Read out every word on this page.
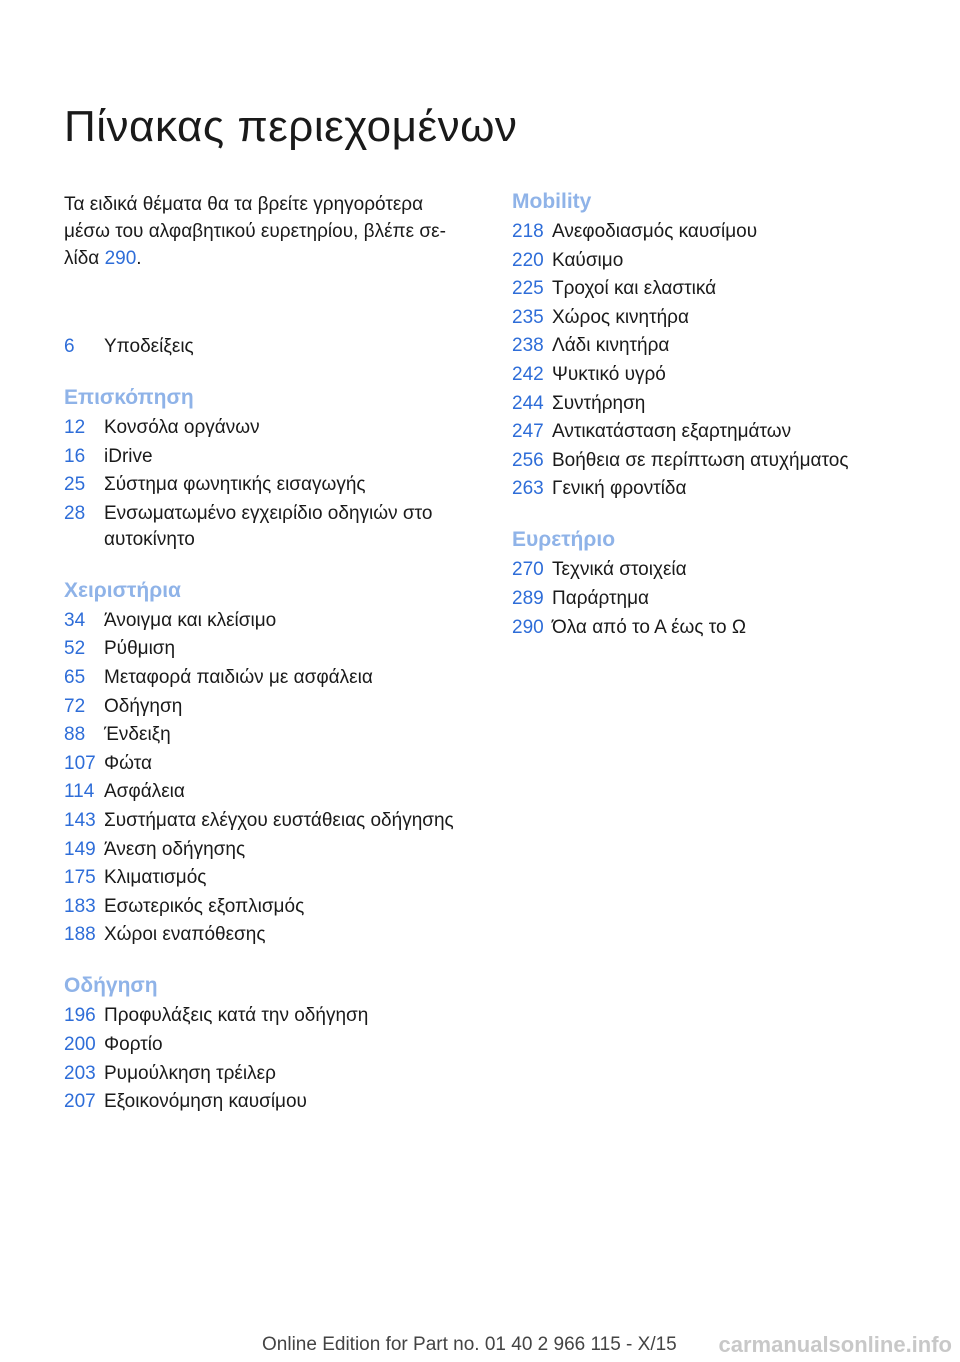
Πίνακας περιεχομένων

Τα ειδικά θέματα θα τα βρείτε γρηγορότερα μέσω του αλφαβητικού ευρετηρίου, βλέπε σε- λίδα 290.

6	Υποδείξεις
Επισκόπηση
12 Κονσόλα οργάνων
16 iDrive
25 Σύστημα φωνητικής εισαγωγής
28 Ενσωματωμένο εγχειρίδιο οδηγιών στο αυτοκίνητο
Χειριστήρια
34 Άνοιγμα και κλείσιμο
52 Ρύθμιση
65 Μεταφορά παιδιών με ασφάλεια
72 Οδήγηση
88 Ένδειξη
107 Φώτα
114 Ασφάλεια
143 Συστήματα ελέγχου ευστάθειας οδήγησης
149 Άνεση οδήγησης
175 Κλιματισμός
183 Εσωτερικός εξοπλισμός
188 Χώροι εναπόθεσης
Οδήγηση
196 Προφυλάξεις κατά την οδήγηση
200 Φορτίο
203 Ρυμούλκηση τρέιλερ
207 Εξοικονόμηση καυσίμου
Mobility
218 Ανεφοδιασμός καυσίμου
220 Καύσιμο
225 Τροχοί και ελαστικά
235 Χώρος κινητήρα
238 Λάδι κινητήρα
242 Ψυκτικό υγρό
244 Συντήρηση
247 Αντικατάσταση εξαρτημάτων
256 Βοήθεια σε περίπτωση ατυχήματος
263 Γενική φροντίδα
Ευρετήριο
270 Τεχνικά στοιχεία
289 Παράρτημα
290 Όλα από το Α έως το Ω
Online Edition for Part no. 01 40 2 966 115 - X/15 carmanualsonline.info
